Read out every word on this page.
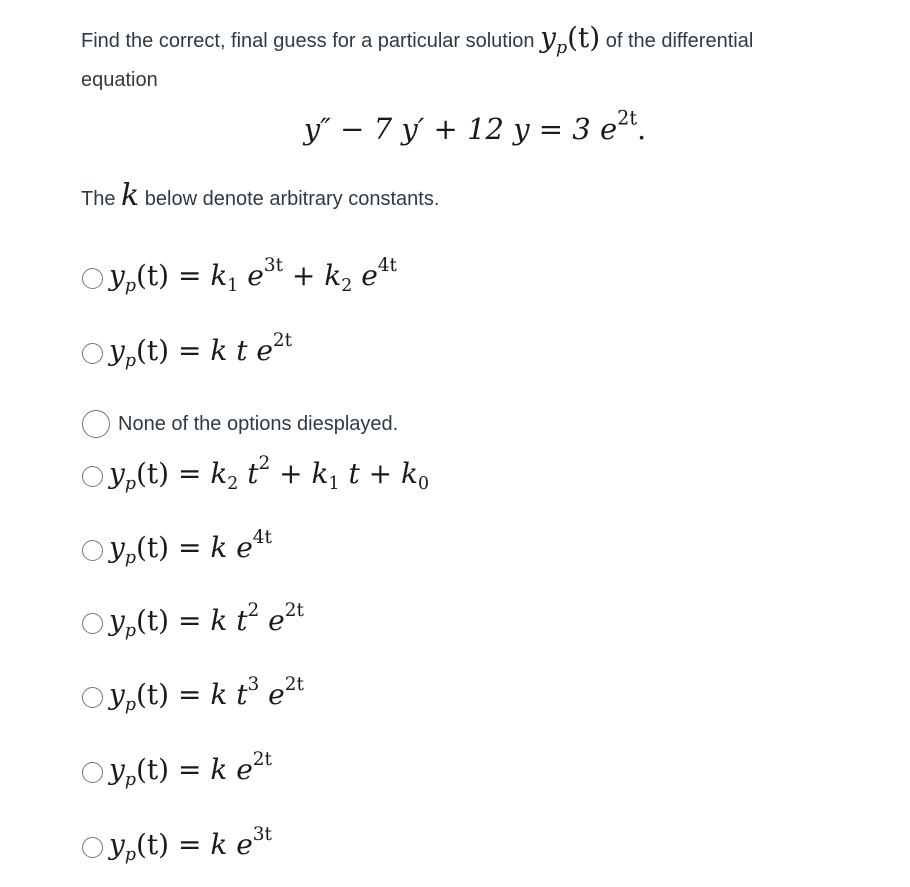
Find the correct, final guess for a particular solution $y_p(t)$ of the differential
equation
y″ − 7 y′ + 12 y = 3 $e^{2t}$.
The k below denote arbitrary constants.
$y_p(t) = k_1$ $e^{3t} + k_2$ $e^{4t}$
$y_p(t) = k$ t $e^{2t}$
None of the options diesplayed.
$y_p(t) = k_2$ $t^2 + k_1$ $t + k_0$
$y_p(t) = k$ $e^{4t}$
$y_p(t) = k$ $t^2$ $e^{2t}$
$y_p(t) = k$ $t^3$ $e^{2t}$
$y_p(t) = k$ $e^{2t}$
$y_p(t) = k$ $e^{3t}$
